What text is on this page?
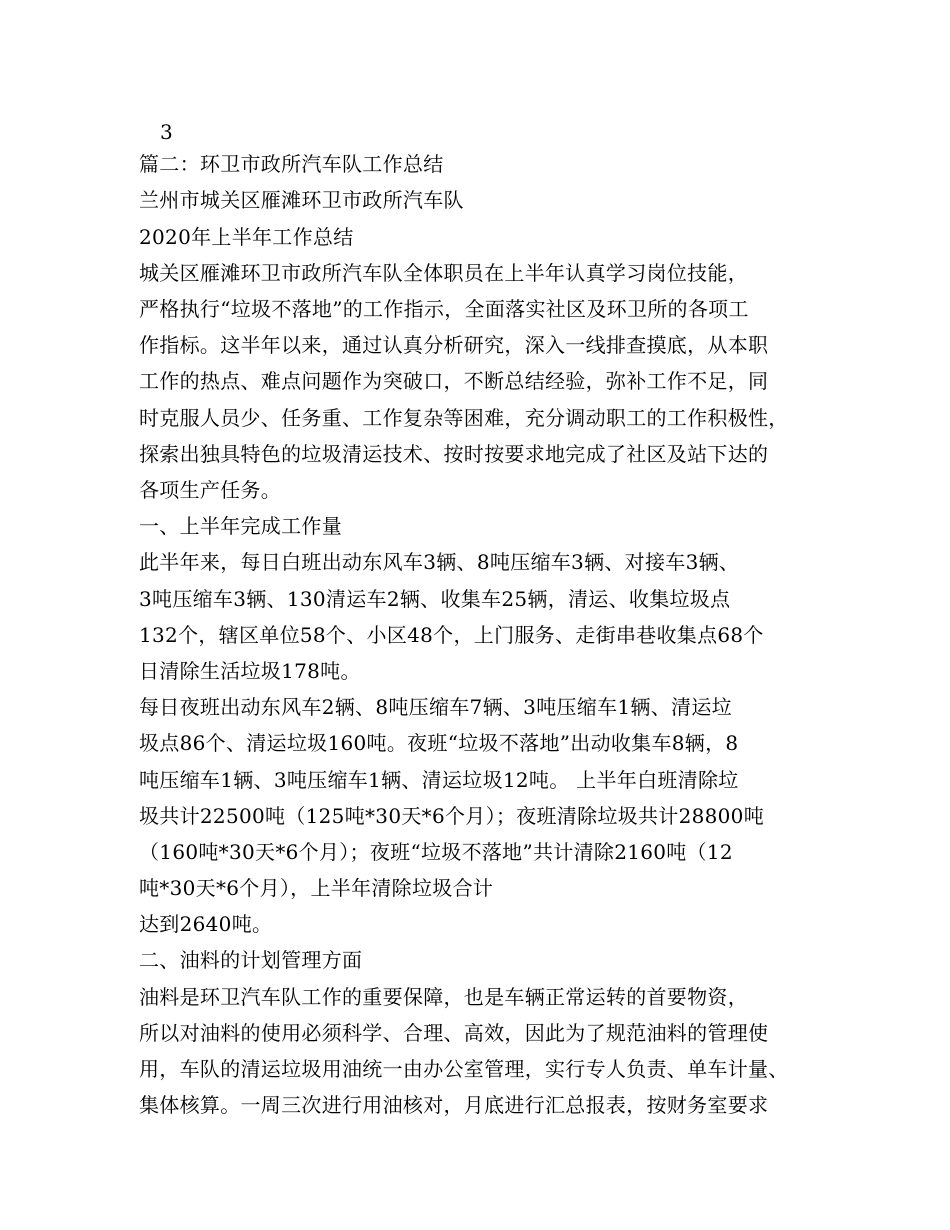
3
篇二：环卫市政所汽车队工作总结
兰州市城关区雁滩环卫市政所汽车队
2020年上半年工作总结
城关区雁滩环卫市政所汽车队全体职员在上半年认真学习岗位技能，
严格执行“垃圾不落地”的工作指示，全面落实社区及环卫所的各项工
作指标。这半年以来，通过认真分析研究，深入一线排查摸底，从本职
工作的热点、难点问题作为突破口，不断总结经验，弥补工作不足，同
时克服人员少、任务重、工作复杂等困难，充分调动职工的工作积极性，
探索出独具特色的垃圾清运技术、按时按要求地完成了社区及站下达的
各项生产任务。
一、上半年完成工作量
此半年来，每日白班出动东风车3辆、8吨压缩车3辆、对接车3辆、
3吨压缩车3辆、130清运车2辆、收集车25辆，清运、收集垃圾点
132个，辖区单位58个、小区48个，上门服务、走街串巷收集点68个
日清除生活垃圾178吨。
每日夜班出动东风车2辆、8吨压缩车7辆、3吨压缩车1辆、清运垃
圾点86个、清运垃圾160吨。夜班“垃圾不落地”出动收集车8辆，8
吨压缩车1辆、3吨压缩车1辆、清运垃圾12吨。 上半年白班清除垃
圾共计22500吨（125吨*30天*6个月）；夜班清除垃圾共计28800吨
（160吨*30天*6个月）；夜班“垃圾不落地”共计清除2160吨（12
吨*30天*6个月），上半年清除垃圾合计
达到2640吨。
二、油料的计划管理方面
油料是环卫汽车队工作的重要保障，也是车辆正常运转的首要物资，
所以对油料的使用必须科学、合理、高效，因此为了规范油料的管理使
用，车队的清运垃圾用油统一由办公室管理，实行专人负责、单车计量、
集体核算。一周三次进行用油核对，月底进行汇总报表，按财务室要求
